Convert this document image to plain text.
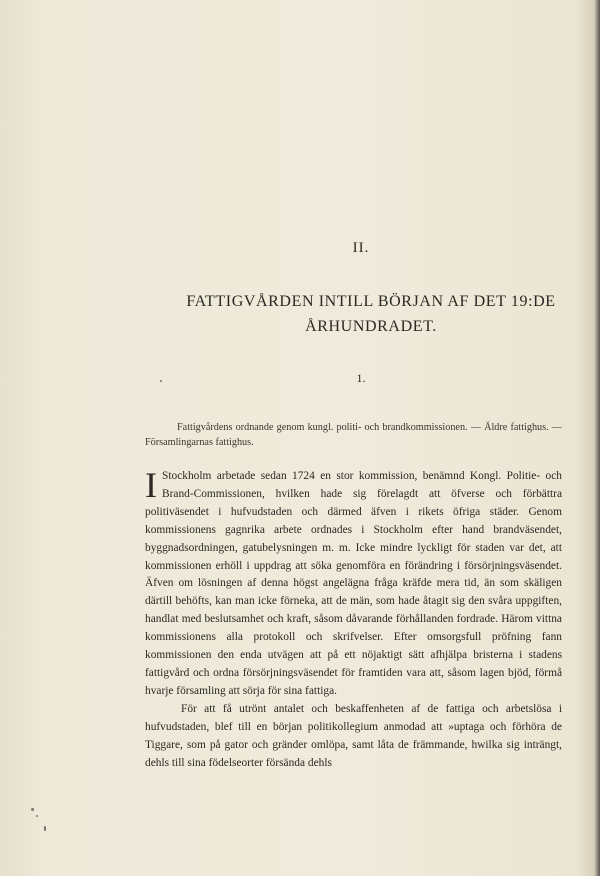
II.
FATTIGVÅRDEN INTILL BÖRJAN AF DET 19:DE ÅRHUNDRADET.
1.
Fattigvårdens ordnande genom kungl. politi- och brandkommissionen. — Äldre fattighus. — Församlingarnas fattighus.

I Stockholm arbetade sedan 1724 en stor kommission, benämnd Kongl. Politie- och Brand-Commissionen, hvilken hade sig förelagdt att öfverse och förbättra politiväsendet i hufvudstaden och därmed äfven i rikets öfriga städer. Genom kommissionens gagnrika arbete ordnades i Stockholm efter hand brandväsendet, byggnadsordningen, gatubelysningen m. m. Icke mindre lyckligt för staden var det, att kommissionen erhöll i uppdrag att söka genomföra en förändring i försörjningsväsendet. Äfven om lösningen af denna högst angelägna fråga kräfde mera tid, än som skäligen därtill behöfts, kan man icke förneka, att de män, som hade åtagit sig den svåra uppgiften, handlat med beslutsamhet och kraft, såsom dåvarande förhållanden fordrade. Härom vittna kommissionens alla protokoll och skrifvelser. Efter omsorgsfull pröfning fann kommissionen den enda utvägen att på ett nöjaktigt sätt afhjälpa bristerna i stadens fattigvård och ordna försörjningsväsendet för framtiden vara att, såsom lagen bjöd, förmå hvarje församling att sörja för sina fattiga.

För att få utrönt antalet och beskaffenheten af de fattiga och arbetslösa i hufvudstaden, blef till en början politikollegium anmodad att »uptaga och förhöra de Tiggare, som på gator och gränder omlöpa, samt låta de främmande, hwilka sig inträngt, dehls till sina födelseorter försända dehls
